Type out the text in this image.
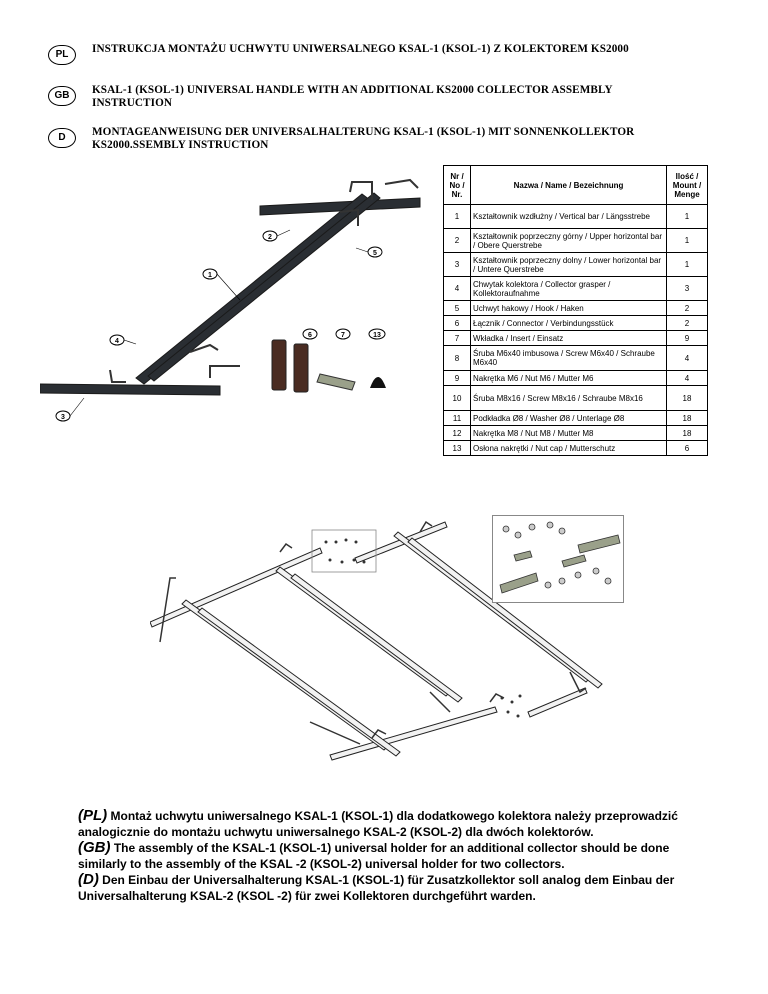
PL	INSTRUKCJA MONTAŻU UCHWYTU UNIWERSALNEGO KSAL-1 (KSOL-1) Z KOLEKTOREM KS2000
GB	KSAL-1 (KSOL-1) UNIVERSAL HANDLE WITH AN ADDITIONAL KS2000 COLLECTOR ASSEMBLY INSTRUCTION
D	MONTAGEANWEISUNG DER UNIVERSALHALTERUNG KSAL-1 (KSOL-1) MIT SONNENKOLLEKTOR KS2000.SSEMBLY INSTRUCTION
2
5
1
4
6	7	13
3
Nr / No / Nr.	Nazwa / Name / Bezeichnung	Ilość / Mount / Menge
1	Kształtownik wzdłużny / Vertical bar / Längsstrebe	1
2	Kształtownik poprzeczny górny / Upper horizontal bar / Obere Querstrebe	1
3	Kształtownik poprzeczny dolny / Lower horizontal bar / Untere Querstrebe	1
4	Chwytak kolektora / Collector grasper / Kollektoraufnahme	3
5	Uchwyt hakowy / Hook / Haken	2
6	Łącznik / Connector / Verbindungsstück	2
7	Wkładka / Insert / Einsatz	9
8	Śruba M6x40 imbusowa / Screw M6x40 / Schraube M6x40	4
9	Nakrętka M6 / Nut M6 / Mutter M6	4
10	Śruba M8x16 / Screw M8x16 / Schraube M8x16	18
11	Podkładka Ø8 / Washer Ø8 / Unterlage Ø8	18
12	Nakrętka M8 / Nut M8 / Mutter M8	18
13	Osłona nakrętki / Nut cap / Mutterschutz	6
(PL) Montaż uchwytu uniwersalnego KSAL-1 (KSOL-1) dla dodatkowego kolektora należy przeprowadzić analogicznie do montażu uchwytu uniwersalnego KSAL-2 (KSOL-2) dla dwóch kolektorów.
(GB) The assembly of the KSAL-1 (KSOL-1) universal holder for an additional collector should be done similarly to the assembly of the KSAL -2 (KSOL-2) universal holder for two collectors.
(D) Den Einbau der Universalhalterung KSAL-1 (KSOL-1) für Zusatzkollektor soll analog dem Einbau der Universalhalterung KSAL-2 (KSOL -2) für zwei Kollektoren durchgeführt warden.
